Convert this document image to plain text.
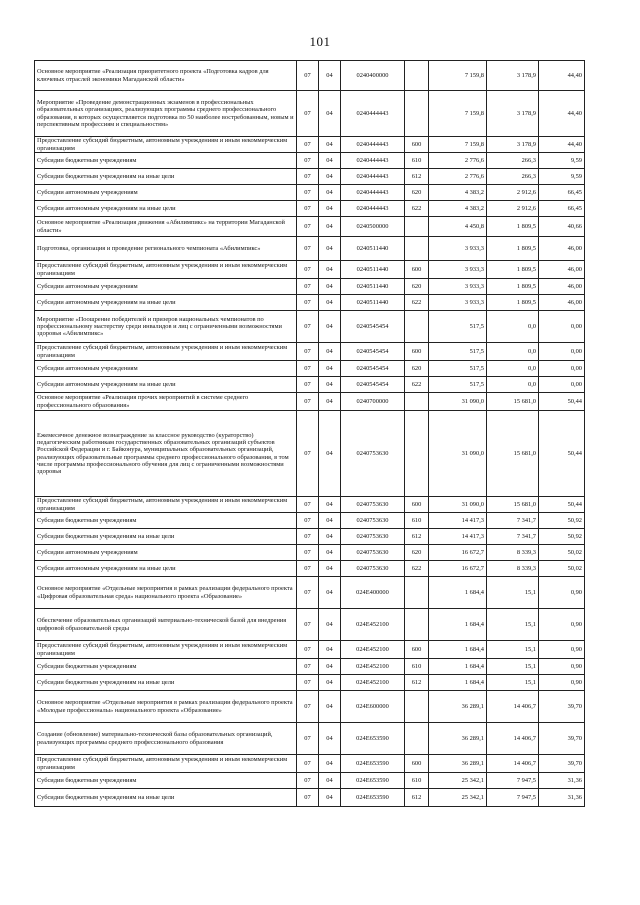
101
Основное мероприятие «Реализация приоритетного проекта «Подготовка кадров для ключевых отраслей экономики Магаданской области»	07	04	0240400000		7 159,8	3 178,9	44,40
Мероприятие «Проведение демонстрационных экзаменов в профессиональных образовательных организациях, реализующих программы среднего профессионального образования, в которых осуществляется подготовка по 50 наиболее востребованным, новым и перспективным профессиям и специальностям»	07	04	0240444443		7 159,8	3 178,9	44,40
Предоставление субсидий бюджетным, автономным учреждениям и иным некоммерческим организациям	07	04	0240444443	600	7 159,8	3 178,9	44,40
Субсидии бюджетным учреждениям	07	04	0240444443	610	2 776,6	266,3	9,59
Субсидии бюджетным учреждениям на иные цели	07	04	0240444443	612	2 776,6	266,3	9,59
Субсидии автономным учреждениям	07	04	0240444443	620	4 383,2	2 912,6	66,45
Субсидии автономным учреждениям на иные цели	07	04	0240444443	622	4 383,2	2 912,6	66,45
Основное мероприятие «Реализация движения «Абилимпикс» на территории Магаданской области»	07	04	0240500000		4 450,8	1 809,5	40,66
Подготовка, организация и проведение регионального чемпионата «Абилимпикс»	07	04	0240511440		3 933,3	1 809,5	46,00
Предоставление субсидий бюджетным, автономным учреждениям и иным некоммерческим организациям	07	04	0240511440	600	3 933,3	1 809,5	46,00
Субсидии автономным учреждениям	07	04	0240511440	620	3 933,3	1 809,5	46,00
Субсидии автономным учреждениям на иные цели	07	04	0240511440	622	3 933,3	1 809,5	46,00
Мероприятие «Поощрение победителей и призеров национальных чемпионатов по профессиональному мастерству среди инвалидов и лиц с ограниченными возможностями здоровья «Абилимпикс»	07	04	0240545454		517,5	0,0	0,00
Предоставление субсидий бюджетным, автономным учреждениям и иным некоммерческим организациям	07	04	0240545454	600	517,5	0,0	0,00
Субсидии автономным учреждениям	07	04	0240545454	620	517,5	0,0	0,00
Субсидии автономным учреждениям на иные цели	07	04	0240545454	622	517,5	0,0	0,00
Основное мероприятие «Реализация прочих мероприятий в системе среднего профессионального образования»	07	04	0240700000		31 090,0	15 681,0	50,44
Ежемесячное денежное вознаграждение за классное руководство (кураторство) педагогическим работникам государственных образовательных организаций субъектов Российской Федерации и г. Байконура, муниципальных образовательных организаций, реализующих образовательные программы среднего профессионального образования, в том числе программы профессионального обучения для лиц с ограниченными возможностями здоровья	07	04	0240753630		31 090,0	15 681,0	50,44
Предоставление субсидий бюджетным, автономным учреждениям и иным некоммерческим организациям	07	04	0240753630	600	31 090,0	15 681,0	50,44
Субсидии бюджетным учреждениям	07	04	0240753630	610	14 417,3	7 341,7	50,92
Субсидии бюджетным учреждениям на иные цели	07	04	0240753630	612	14 417,3	7 341,7	50,92
Субсидии автономным учреждениям	07	04	0240753630	620	16 672,7	8 339,3	50,02
Субсидии автономным учреждениям на иные цели	07	04	0240753630	622	16 672,7	8 339,3	50,02
Основное мероприятие «Отдельные мероприятия в рамках реализации федерального проекта «Цифровая образовательная среда» национального проекта «Образование»	07	04	024E400000		1 684,4	15,1	0,90
Обеспечение образовательных организаций материально-технической базой для внедрения цифровой образовательной среды	07	04	024E452100		1 684,4	15,1	0,90
Предоставление субсидий бюджетным, автономным учреждениям и иным некоммерческим организациям	07	04	024E452100	600	1 684,4	15,1	0,90
Субсидии бюджетным учреждениям	07	04	024E452100	610	1 684,4	15,1	0,90
Субсидии бюджетным учреждениям на иные цели	07	04	024E452100	612	1 684,4	15,1	0,90
Основное мероприятие «Отдельные мероприятия в рамках реализации федерального проекта «Молодые профессионалы» национального проекта «Образование»	07	04	024E600000		36 289,1	14 406,7	39,70
Создание (обновление) материально-технической базы образовательных организаций, реализующих программы среднего профессионального образования	07	04	024E653590		36 289,1	14 406,7	39,70
Предоставление субсидий бюджетным, автономным учреждениям и иным некоммерческим организациям	07	04	024E653590	600	36 289,1	14 406,7	39,70
Субсидии бюджетным учреждениям	07	04	024E653590	610	25 342,1	7 947,5	31,36
Субсидии бюджетным учреждениям на иные цели	07	04	024E653590	612	25 342,1	7 947,5	31,36
